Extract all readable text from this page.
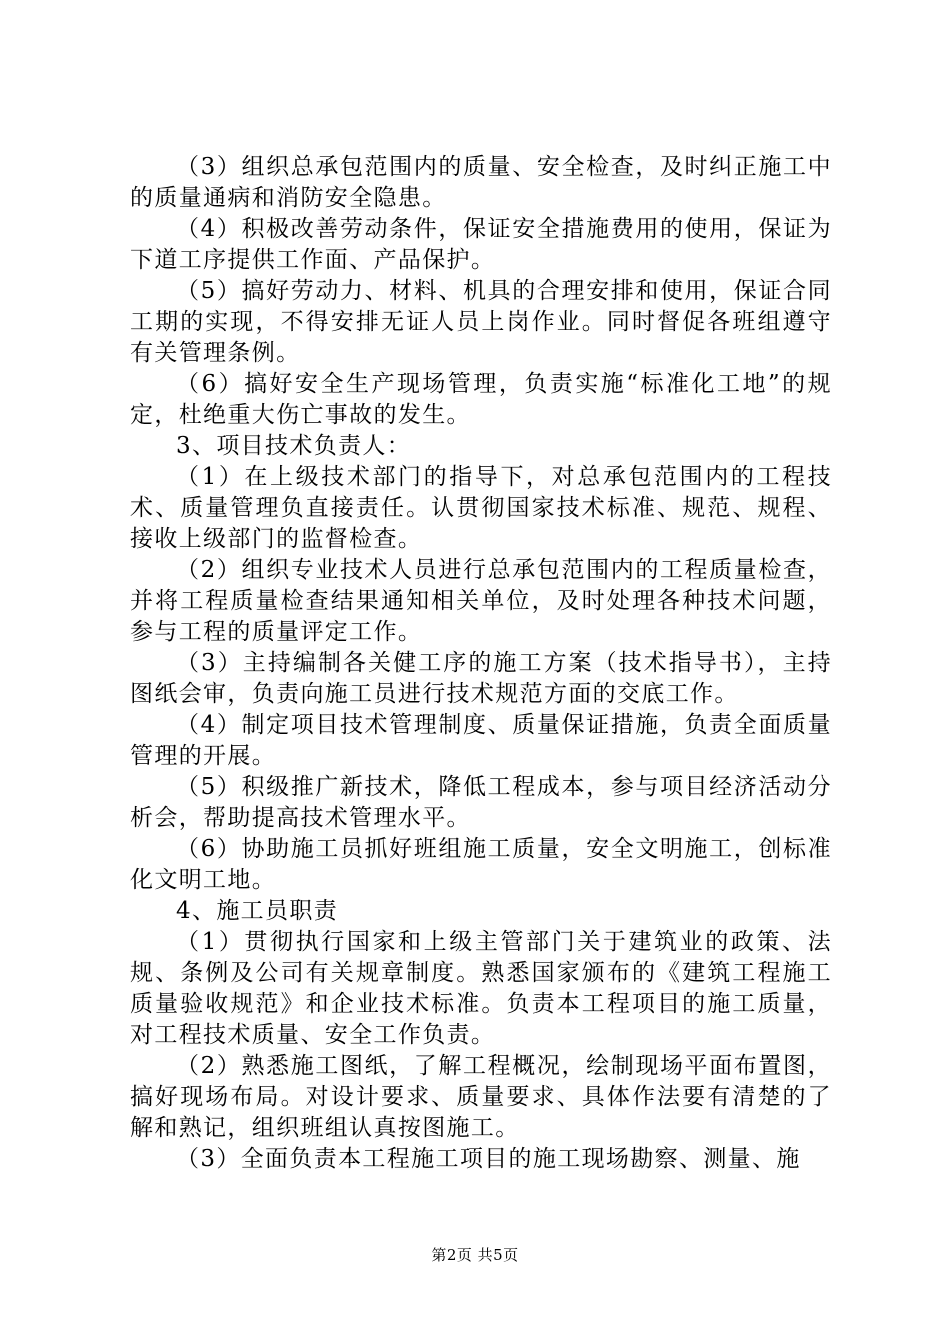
（3）组织总承包范围内的质量、安全检查，及时纠正施工中的质量通病和消防安全隐患。

（4）积极改善劳动条件，保证安全措施费用的使用，保证为下道工序提供工作面、产品保护。

（5）搞好劳动力、材料、机具的合理安排和使用，保证合同工期的实现，不得安排无证人员上岗作业。同时督促各班组遵守有关管理条例。

（6）搞好安全生产现场管理，负责实施“标准化工地”的规定，杜绝重大伤亡事故的发生。

3、项目技术负责人：

（1）在上级技术部门的指导下，对总承包范围内的工程技术、质量管理负直接责任。认贯彻国家技术标准、规范、规程、接收上级部门的监督检查。

（2）组织专业技术人员进行总承包范围内的工程质量检查，并将工程质量检查结果通知相关单位，及时处理各种技术问题，参与工程的质量评定工作。

（3）主持编制各关健工序的施工方案（技术指导书），主持图纸会审，负责向施工员进行技术规范方面的交底工作。

（4）制定项目技术管理制度、质量保证措施，负责全面质量管理的开展。

（5）积级推广新技术，降低工程成本，参与项目经济活动分析会，帮助提高技术管理水平。

（6）协助施工员抓好班组施工质量，安全文明施工，创标准化文明工地。

4、施工员职责

（1）贯彻执行国家和上级主管部门关于建筑业的政策、法规、条例及公司有关规章制度。熟悉国家颁布的《建筑工程施工质量验收规范》和企业技术标准。负责本工程项目的施工质量，对工程技术质量、安全工作负责。

（2）熟悉施工图纸，了解工程概况，绘制现场平面布置图，搞好现场布局。对设计要求、质量要求、具体作法要有清楚的了解和熟记，组织班组认真按图施工。

（3）全面负责本工程施工项目的施工现场勘察、测量、施

第2页 共5页
